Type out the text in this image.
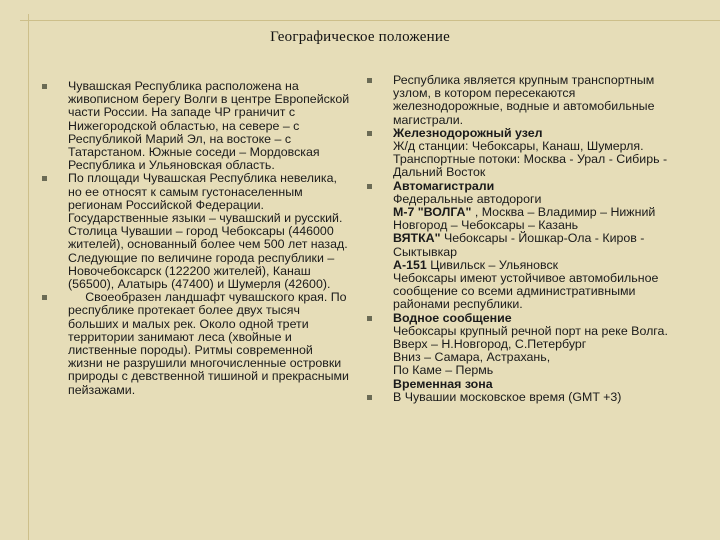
Географическое положение
Чувашская Республика расположена на живописном берегу Волги в центре Европейской части России. На западе ЧР граничит с Нижегородской областью, на севере – с Республикой Марий Эл, на востоке – с Татарстаном. Южные соседи – Мордовская Республика и Ульяновская область.
По площади Чувашская Республика невелика, но ее относят к самым густонаселенным регионам Российской Федерации. Государственные языки – чувашский и русский. Столица Чувашии – город Чебоксары (446000 жителей), основанный более чем 500 лет назад. Следующие по величине города республики – Новочебоксарск (122200 жителей), Канаш (56500), Алатырь (47400) и Шумерля (42600).
Своеобразен ландшафт чувашского края. По республике протекает более двух тысяч больших и малых рек. Около одной трети территории занимают леса (хвойные и лиственные породы). Ритмы современной жизни не разрушили многочисленные островки природы с девственной тишиной и прекрасными пейзажами.
Республика является крупным транспортным узлом, в котором пересекаются железнодорожные, водные и автомобильные магистрали.
Железнодорожный узел
Ж/д станции: Чебоксары, Канаш, Шумерля.
Транспортные потоки: Москва - Урал - Сибирь - Дальний Восток
Автомагистрали
Федеральные автодороги
М-7 "ВОЛГА" , Москва – Владимир – Нижний Новгород – Чебоксары – Казань
ВЯТКА" Чебоксары - Йошкар-Ола - Киров - Сыктывкар
А-151 Цивильск – Ульяновск
Чебоксары имеют устойчивое автомобильное сообщение со всеми административными районами республики.
Водное сообщение
Чебоксары крупный речной порт на реке Волга.
Вверх – Н.Новгород, С.Петербург
Вниз – Самара, Астрахань,
По Каме – Пермь
Временная зона
В Чувашии московское время (GMT +3)
